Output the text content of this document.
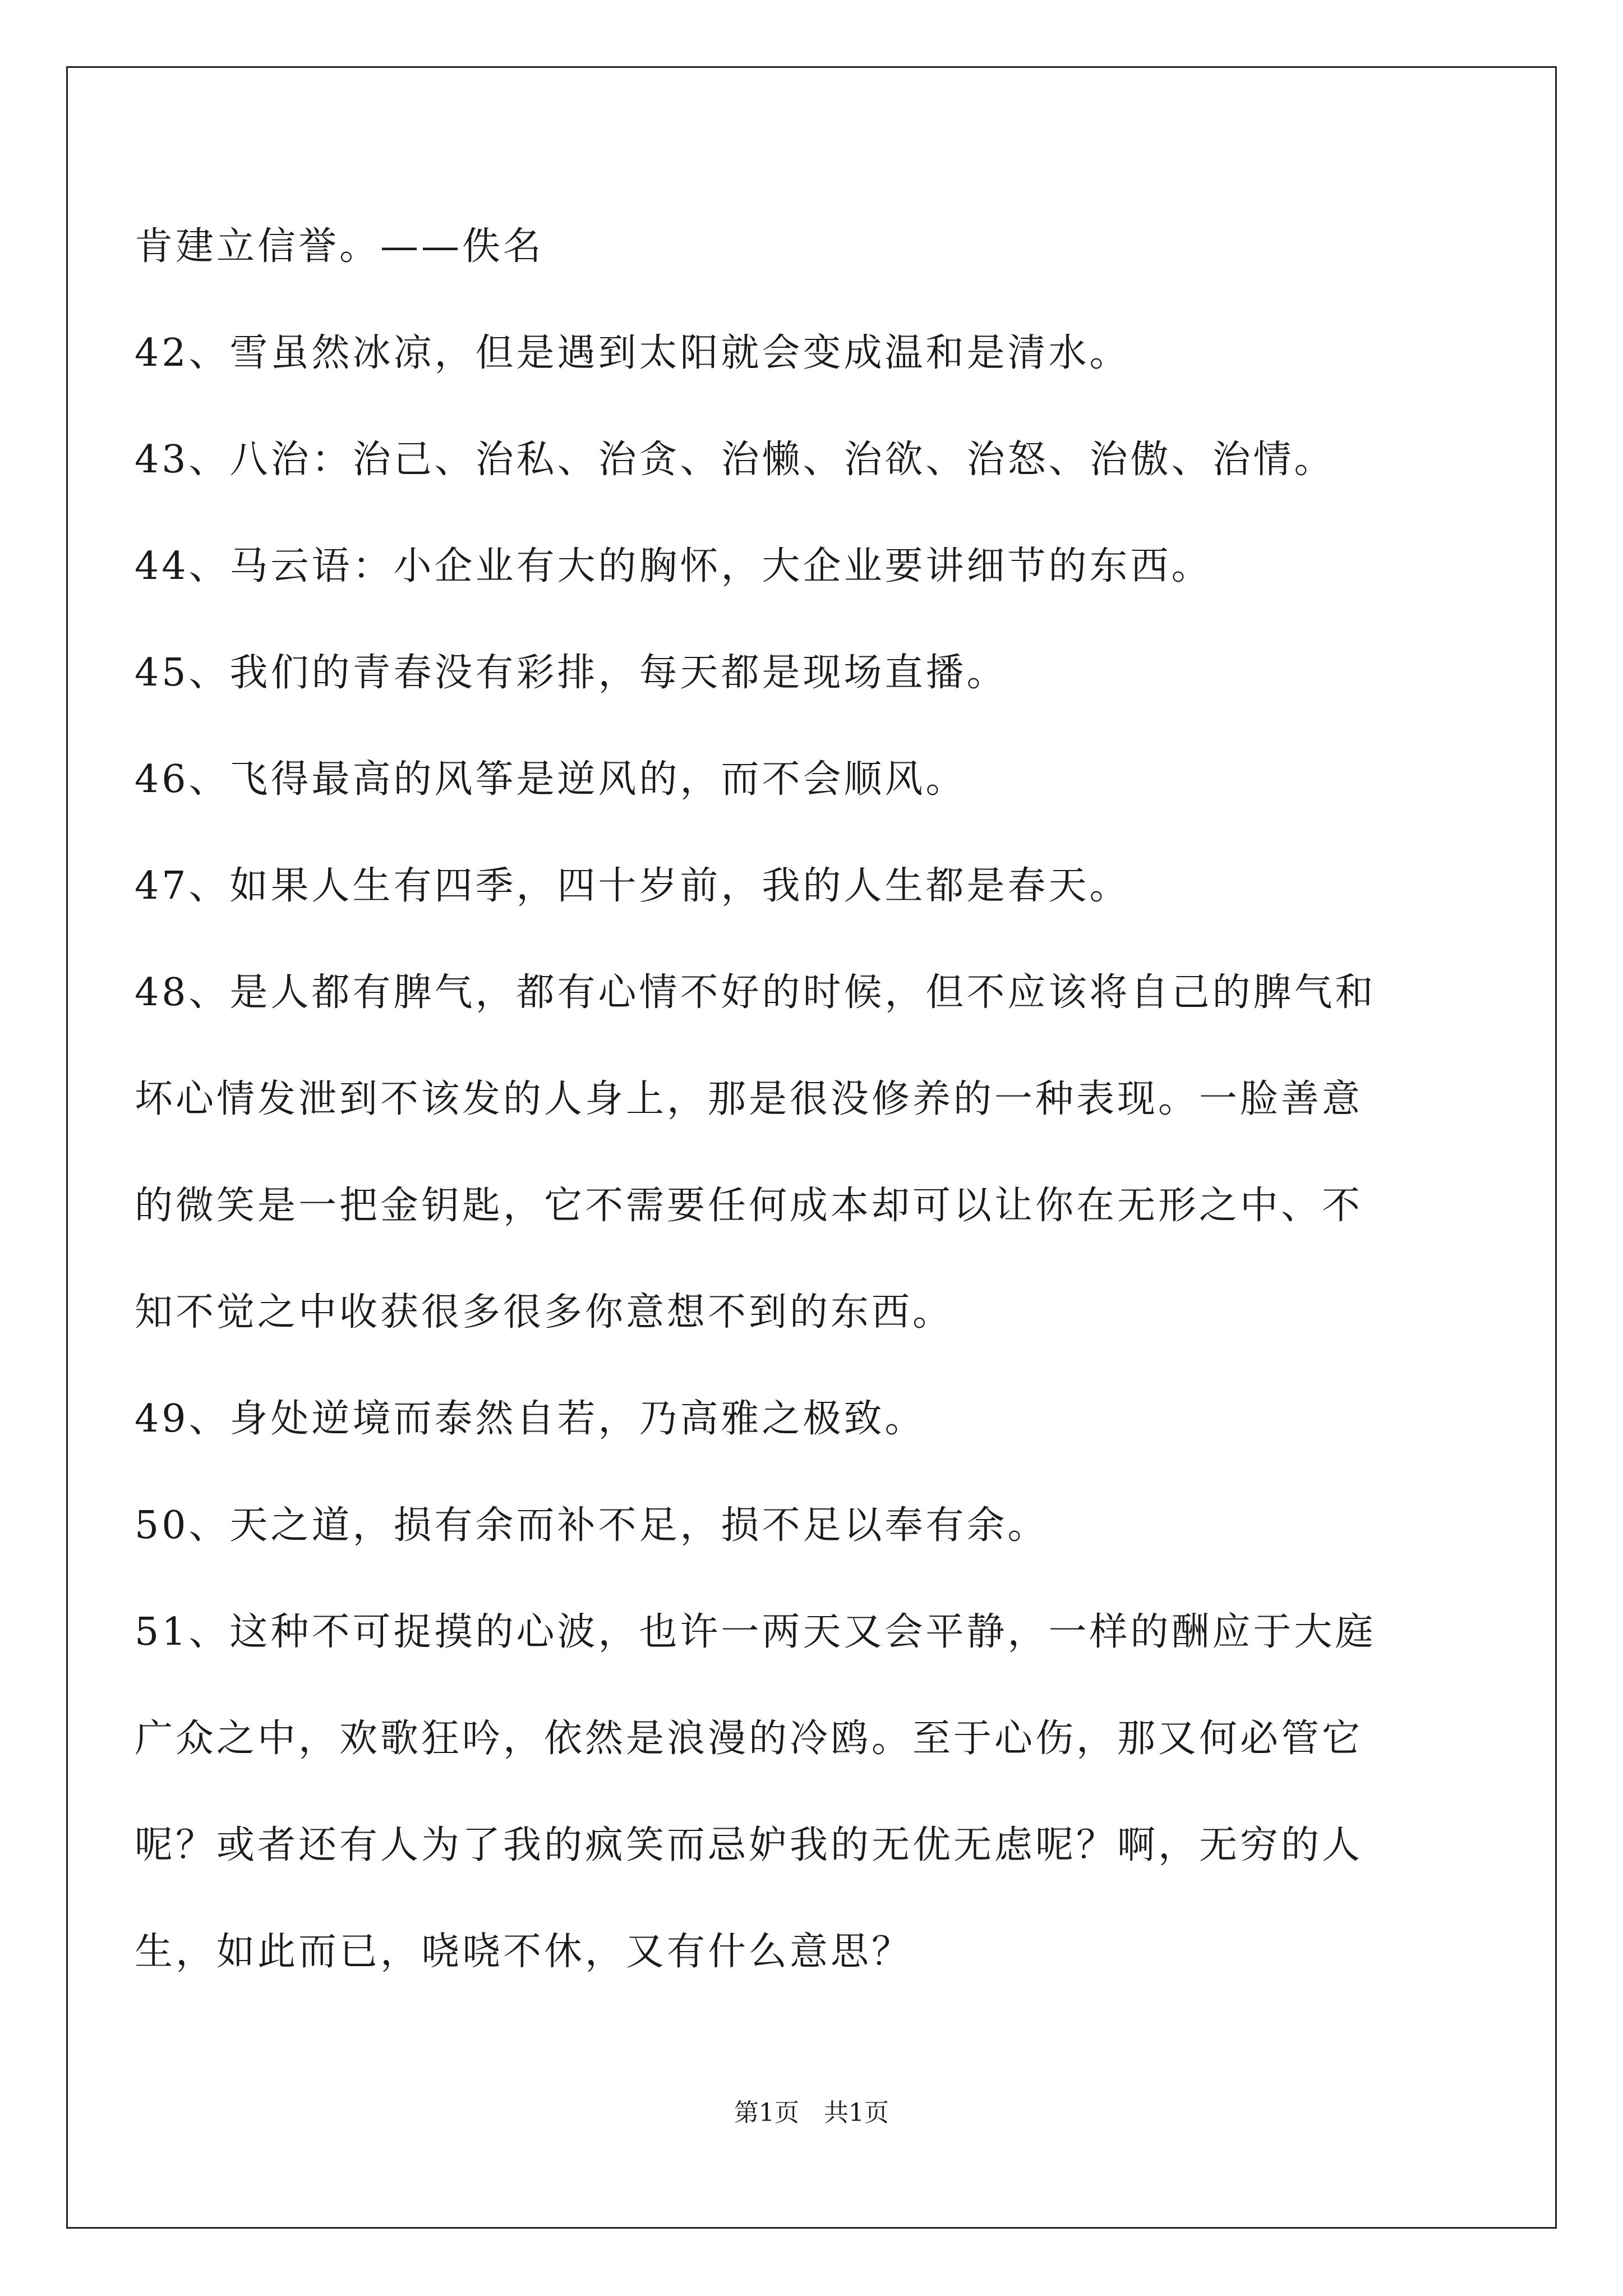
肯建立信誉。——佚名
42、雪虽然冰凉，但是遇到太阳就会变成温和是清水。
43、八治：治己、治私、治贪、治懒、治欲、治怒、治傲、治情。
44、马云语：小企业有大的胸怀，大企业要讲细节的东西。
45、我们的青春没有彩排，每天都是现场直播。
46、飞得最高的风筝是逆风的，而不会顺风。
47、如果人生有四季，四十岁前，我的人生都是春天。
48、是人都有脾气，都有心情不好的时候，但不应该将自己的脾气和
坏心情发泄到不该发的人身上，那是很没修养的一种表现。一脸善意
的微笑是一把金钥匙，它不需要任何成本却可以让你在无形之中、不
知不觉之中收获很多很多你意想不到的东西。
49、身处逆境而泰然自若，乃高雅之极致。
50、天之道，损有余而补不足，损不足以奉有余。
51、这种不可捉摸的心波，也许一两天又会平静，一样的酬应于大庭
广众之中，欢歌狂吟，依然是浪漫的冷鸥。至于心伤，那又何必管它
呢？或者还有人为了我的疯笑而忌妒我的无优无虑呢？啊，无穷的人
生，如此而已，哓哓不休，又有什么意思？
第1页 共1页
